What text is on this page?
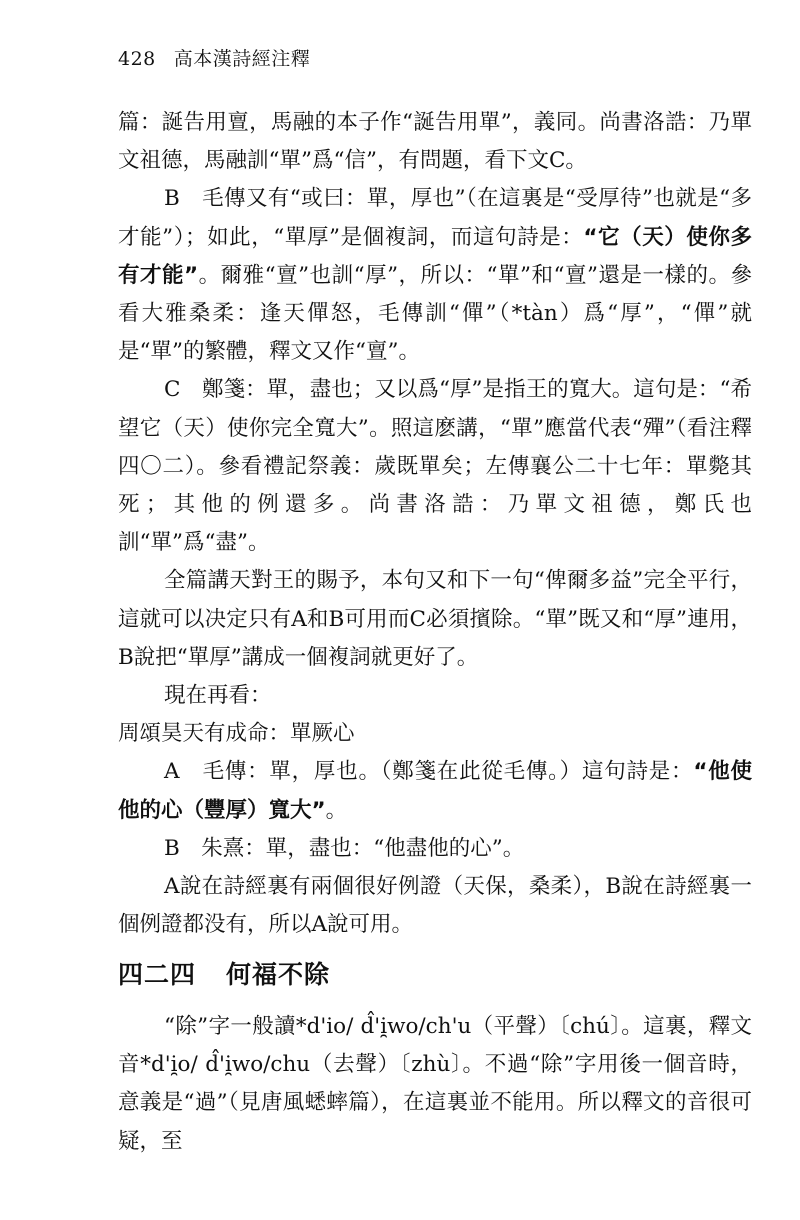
428 高本漢詩經注釋

篇：誕告用亶，馬融的本子作“誕告用單”，義同。尚書洛誥：乃單文祖德，馬融訓“單”爲“信”，有問題，看下文C。

B　毛傳又有“或曰：單，厚也”（在這裏是“受厚待”也就是“多才能”）；如此，“單厚”是個複詞，而這句詩是：“它（天）使你多有才能”。爾雅“亶”也訓“厚”，所以：“單”和“亶”還是一樣的。參看大雅桑柔：逢天僤怒，毛傳訓“僤”（*tàn）爲“厚”，“僤”就是“單”的繁體，釋文又作“亶”。

C　鄭箋：單，盡也；又以爲“厚”是指王的寬大。這句是：“希望它（天）使你完全寬大”。照這麽講，“單”應當代表“殫”（看注釋四〇二）。參看禮記祭義：歲既單矣；左傳襄公二十七年：單斃其死；其他的例還多。尚書洛誥：乃單文祖德，鄭氏也訓“單”爲“盡”。

全篇講天對王的賜予，本句又和下一句“俾爾多益”完全平行，這就可以决定只有A和B可用而C必須擯除。“單”既又和“厚”連用，B說把“單厚”講成一個複詞就更好了。

現在再看：

周頌昊天有成命：單厥心

A　毛傳：單，厚也。（鄭箋在此從毛傳。）這句詩是：“他使他的心（豐厚）寬大”。

B　朱熹：單，盡也：“他盡他的心”。

A說在詩經裏有兩個很好例證（天保，桑柔），B說在詩經裏一個例證都没有，所以A說可用。

四二四 何福不除

“除”字一般讀*d'io/ d̂'i̯wo/ch'u（平聲）〔chú〕。這裏，釋文音*d'i̯o/ d̂'i̯wo/chu（去聲）〔zhù〕。不過“除”字用後一個音時，意義是“過”（見唐風蟋蟀篇），在這裏並不能用。所以釋文的音很可疑，至
